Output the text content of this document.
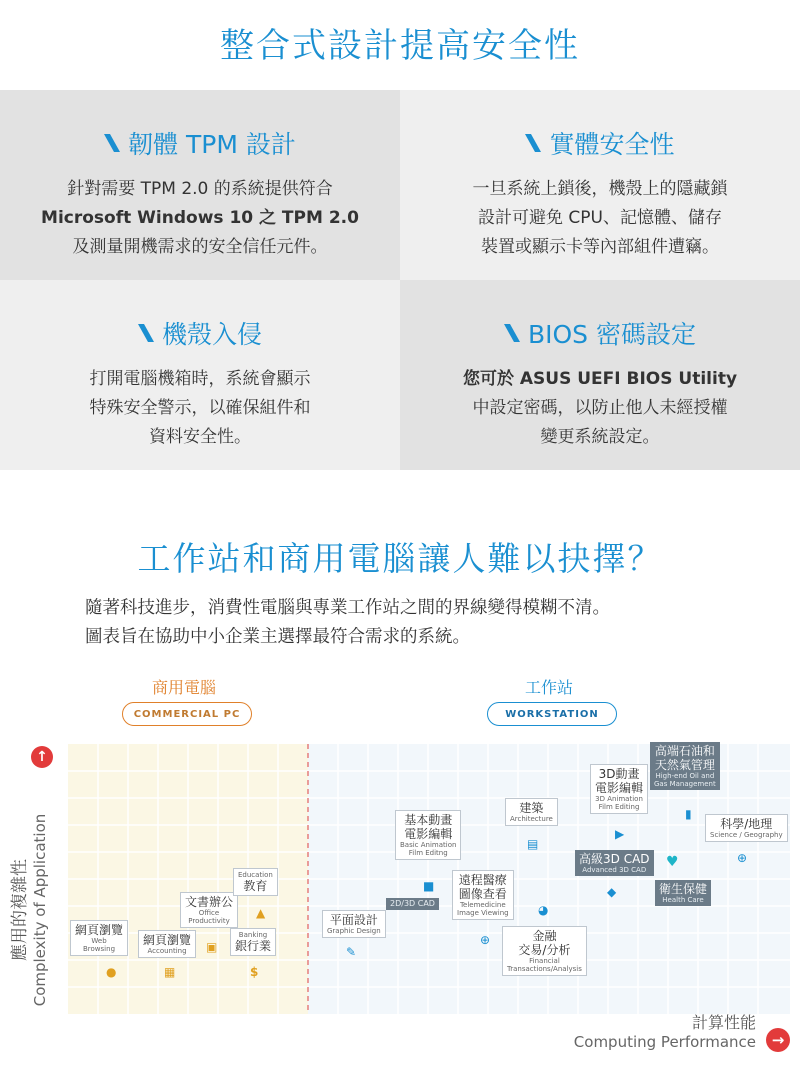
整合式設計提高安全性
韌體 TPM 設計
針對需要 TPM 2.0 的系統提供符合
Microsoft Windows 10 之 TPM 2.0
及測量開機需求的安全信任元件。
實體安全性
一旦系統上鎖後，機殼上的隱藏鎖
設計可避免 CPU、記憶體、儲存
裝置或顯示卡等內部組件遭竊。
機殼入侵
打開電腦機箱時，系統會顯示
特殊安全警示，以確保組件和
資料安全性。
BIOS 密碼設定
您可於 ASUS UEFI BIOS Utility
中設定密碼，以防止他人未經授權
變更系統設定。
工作站和商用電腦讓人難以抉擇？
隨著科技進步，消費性電腦與專業工作站之間的界線變得模糊不清。
圖表旨在協助中小企業主選擇最符合需求的系統。
商用電腦
COMMERCIAL PC
工作站
WORKSTATION
↑
→
應用的複雜性 Complexity of Application
計算性能
Computing Performance
網頁瀏覽
Web
Browsing
●
網頁瀏覽
Accounting
▦
文書辦公
Office
Productivity
▣
Education
教育
▲
Banking
銀行業
$
平面設計
Graphic Design
✎
2D/3D CAD
基本動畫
電影編輯
Basic Animation
Film Editng
■ 遠程醫療
圖像查看
Telemedicine
Image Viewing
⊕
建築
Architecture
▤
◕
金融
交易/分析
Financial
Transactions/Analysis
高級3D CAD
Advanced 3D CAD
◆
3D動畫
電影編輯
3D Animation
Film Editing
▶
高端石油和
天然氣管理
High-end Oil and
Gas Management
▮
科學/地理
Science / Geography
⊕
♥
衛生保健
Health Care
